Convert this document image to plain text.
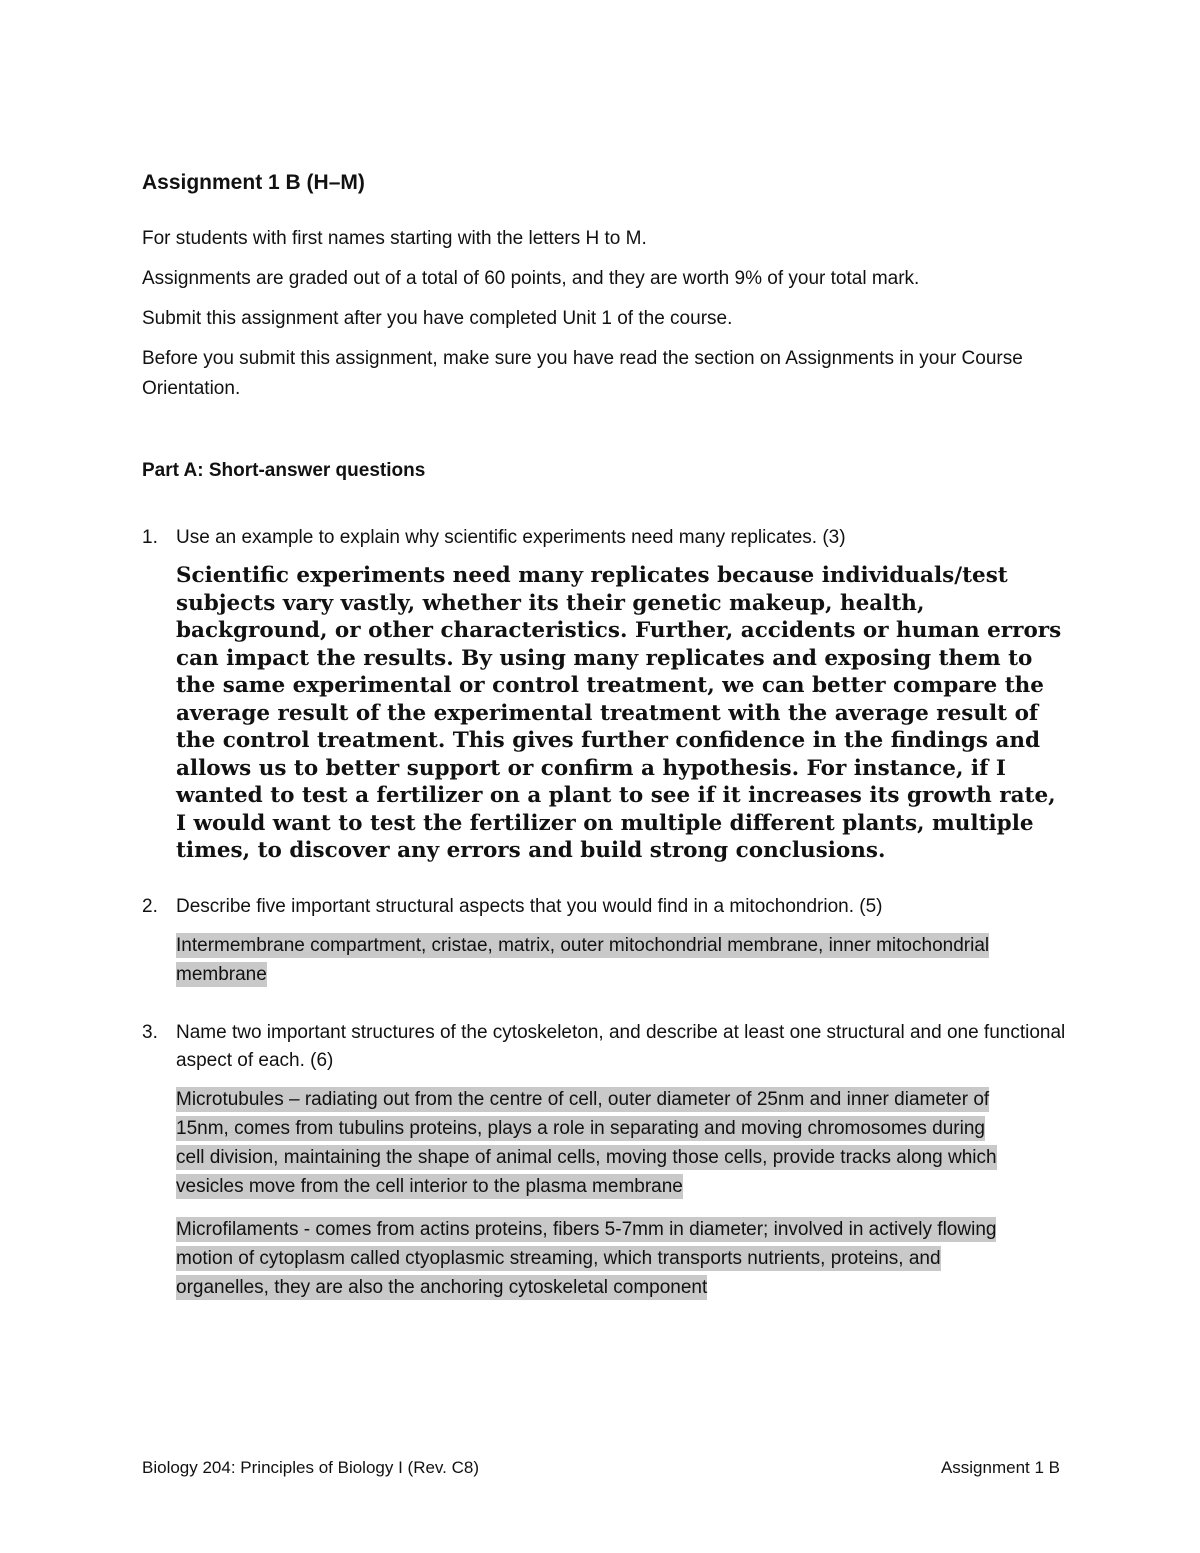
Assignment 1 B (H–M)

For students with first names starting with the letters H to M.

Assignments are graded out of a total of 60 points, and they are worth 9% of your total mark.

Submit this assignment after you have completed Unit 1 of the course.

Before you submit this assignment, make sure you have read the section on Assignments in your Course Orientation.

Part A: Short-answer questions
1. Use an example to explain why scientific experiments need many replicates. (3)
Scientific experiments need many replicates because individuals/test subjects vary vastly, whether its their genetic makeup, health, background, or other characteristics. Further, accidents or human errors can impact the results. By using many replicates and exposing them to the same experimental or control treatment, we can better compare the average result of the experimental treatment with the average result of the control treatment. This gives further confidence in the findings and allows us to better support or confirm a hypothesis. For instance, if I wanted to test a fertilizer on a plant to see if it increases its growth rate, I would want to test the fertilizer on multiple different plants, multiple times, to discover any errors and build strong conclusions.
2. Describe five important structural aspects that you would find in a mitochondrion. (5)
Intermembrane compartment, cristae, matrix, outer mitochondrial membrane, inner mitochondrial membrane
3. Name two important structures of the cytoskeleton, and describe at least one structural and one functional aspect of each. (6)
Microtubules – radiating out from the centre of cell, outer diameter of 25nm and inner diameter of 15nm, comes from tubulins proteins, plays a role in separating and moving chromosomes during cell division, maintaining the shape of animal cells, moving those cells, provide tracks along which vesicles move from the cell interior to the plasma membrane
Microfilaments - comes from actins proteins, fibers 5-7mm in diameter; involved in actively flowing motion of cytoplasm called ctyoplasmic streaming, which transports nutrients, proteins, and organelles, they are also the anchoring cytoskeletal component
Biology 204: Principles of Biology I (Rev. C8)	Assignment 1 B
